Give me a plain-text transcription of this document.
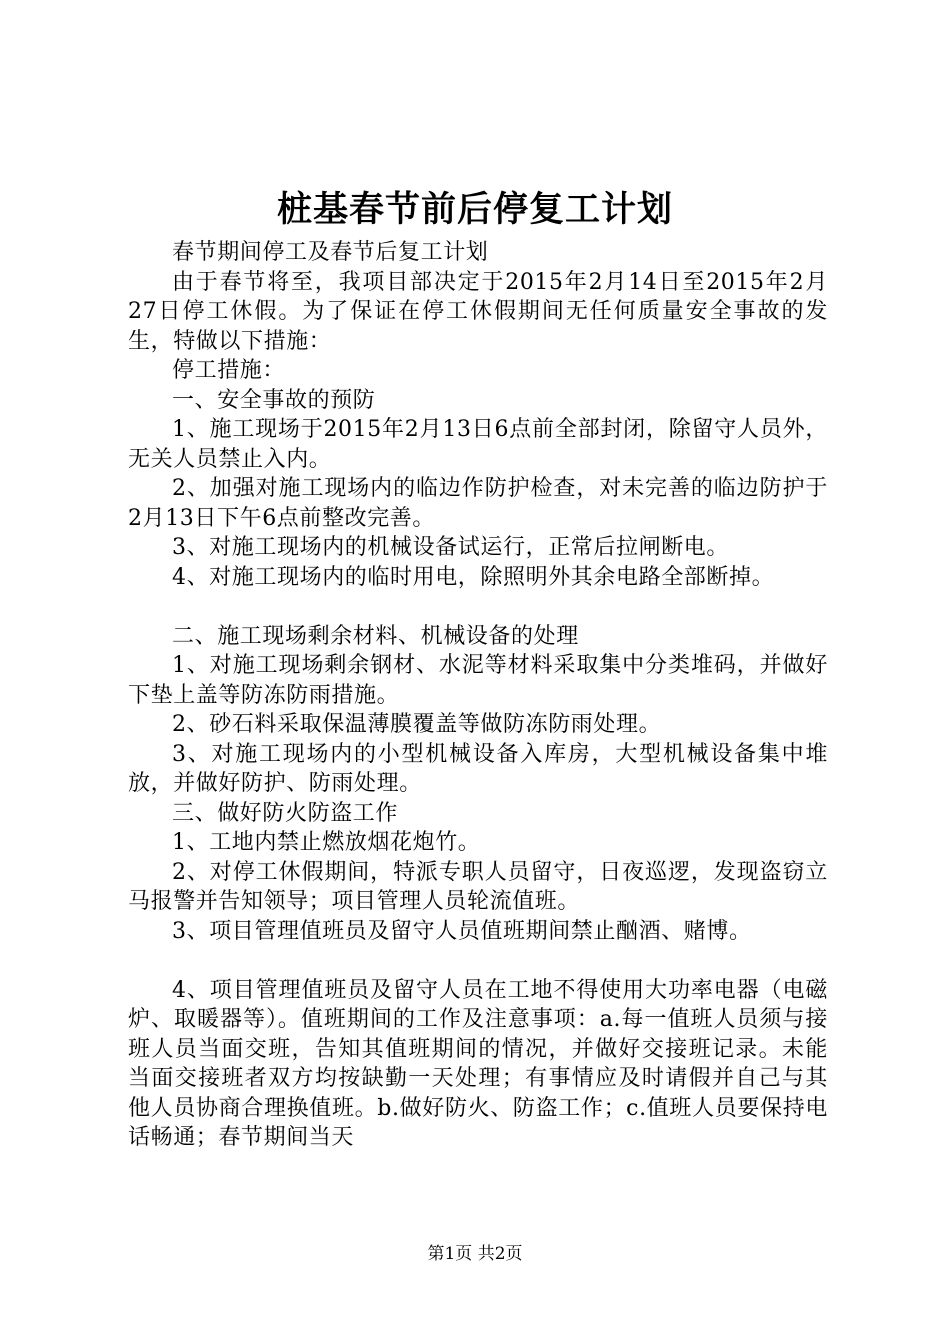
桩基春节前后停复工计划

春节期间停工及春节后复工计划

由于春节将至，我项目部决定于2015年2月14日至2015年2月27日停工休假。为了保证在停工休假期间无任何质量安全事故的发生，特做以下措施：

停工措施：

一、安全事故的预防

1、施工现场于2015年2月13日6点前全部封闭，除留守人员外，无关人员禁止入内。

2、加强对施工现场内的临边作防护检查，对未完善的临边防护于2月13日下午6点前整改完善。

3、对施工现场内的机械设备试运行，正常后拉闸断电。

4、对施工现场内的临时用电，除照明外其余电路全部断掉。

二、施工现场剩余材料、机械设备的处理

1、对施工现场剩余钢材、水泥等材料采取集中分类堆码，并做好下垫上盖等防冻防雨措施。

2、砂石料采取保温薄膜覆盖等做防冻防雨处理。

3、对施工现场内的小型机械设备入库房，大型机械设备集中堆放，并做好防护、防雨处理。

三、做好防火防盗工作

1、工地内禁止燃放烟花炮竹。

2、对停工休假期间，特派专职人员留守，日夜巡逻，发现盗窃立马报警并告知领导；项目管理人员轮流值班。

3、项目管理值班员及留守人员值班期间禁止酗酒、赌博。

4、项目管理值班员及留守人员在工地不得使用大功率电器（电磁炉、取暖器等）。值班期间的工作及注意事项：a.每一值班人员须与接班人员当面交班，告知其值班期间的情况，并做好交接班记录。未能当面交接班者双方均按缺勤一天处理；有事情应及时请假并自己与其他人员协商合理换值班。b.做好防火、防盗工作；c.值班人员要保持电话畅通；春节期间当天

第1页 共2页
